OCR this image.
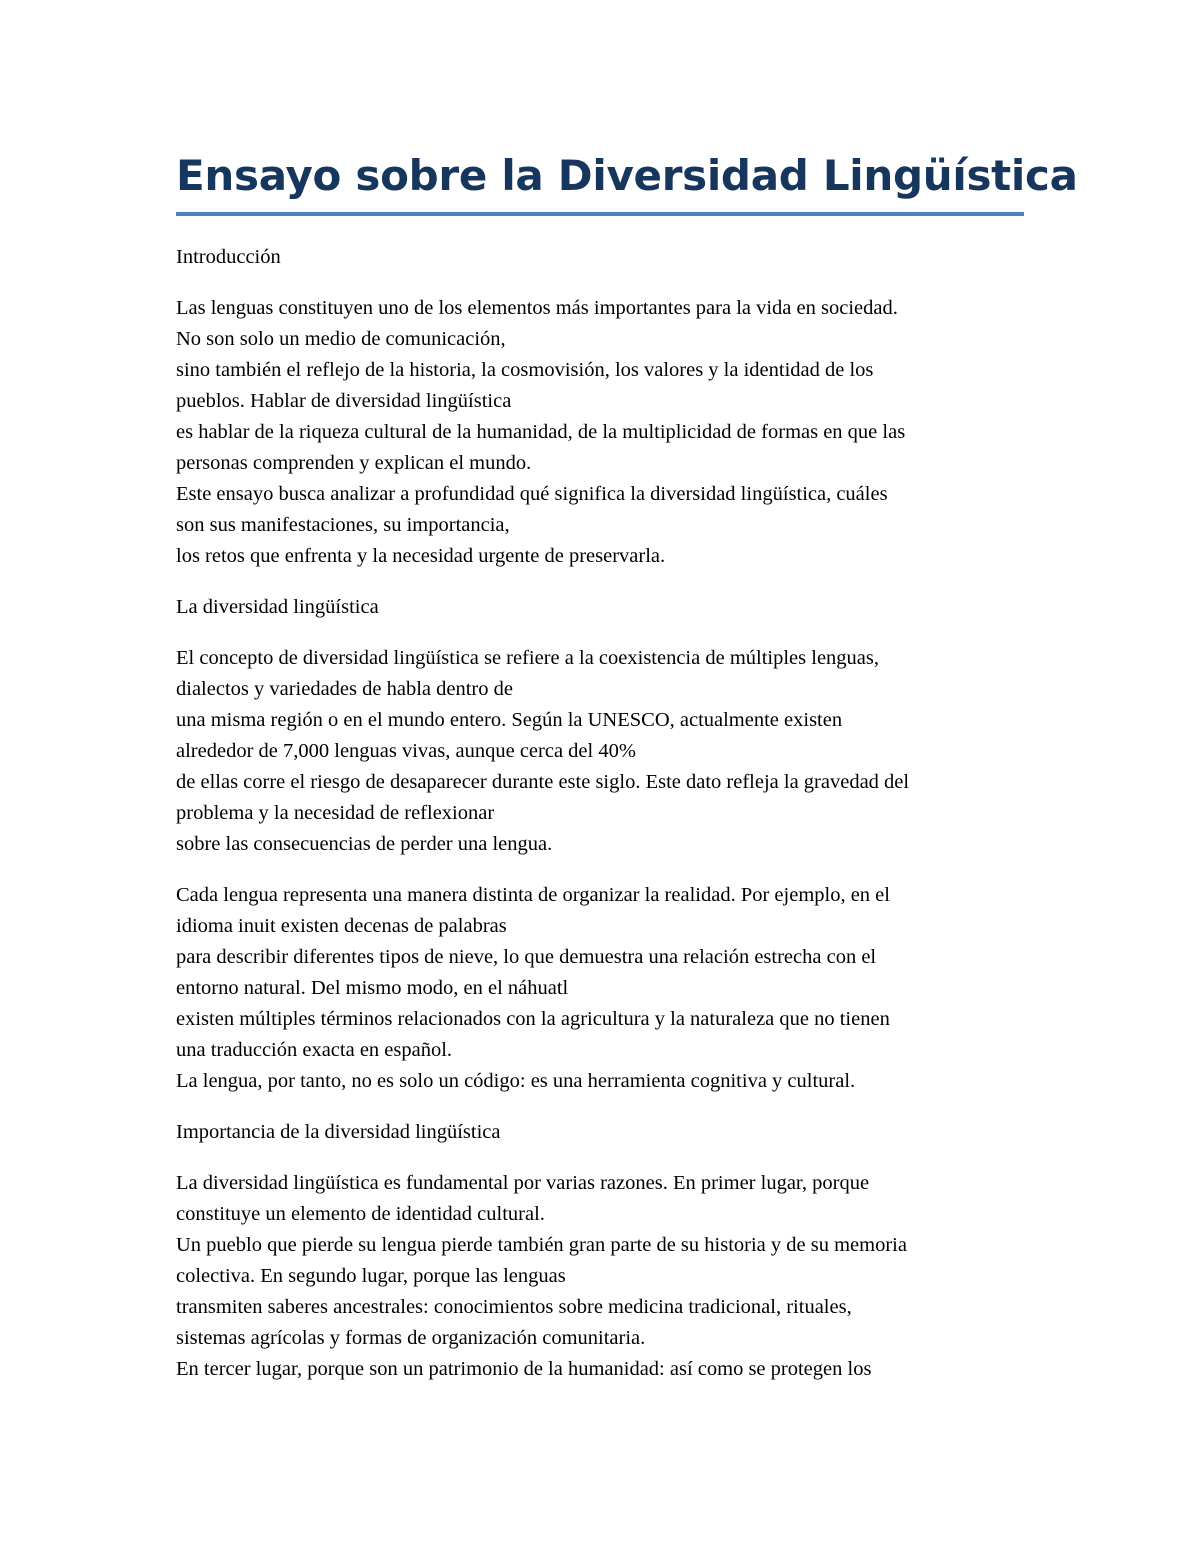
Ensayo sobre la Diversidad Lingüística
Introducción
Las lenguas constituyen uno de los elementos más importantes para la vida en sociedad.
No son solo un medio de comunicación,
sino también el reflejo de la historia, la cosmovisión, los valores y la identidad de los
pueblos. Hablar de diversidad lingüística
es hablar de la riqueza cultural de la humanidad, de la multiplicidad de formas en que las
personas comprenden y explican el mundo.
Este ensayo busca analizar a profundidad qué significa la diversidad lingüística, cuáles
son sus manifestaciones, su importancia,
los retos que enfrenta y la necesidad urgente de preservarla.
La diversidad lingüística
El concepto de diversidad lingüística se refiere a la coexistencia de múltiples lenguas,
dialectos y variedades de habla dentro de
una misma región o en el mundo entero. Según la UNESCO, actualmente existen
alrededor de 7,000 lenguas vivas, aunque cerca del 40%
de ellas corre el riesgo de desaparecer durante este siglo. Este dato refleja la gravedad del
problema y la necesidad de reflexionar
sobre las consecuencias de perder una lengua.
Cada lengua representa una manera distinta de organizar la realidad. Por ejemplo, en el
idioma inuit existen decenas de palabras
para describir diferentes tipos de nieve, lo que demuestra una relación estrecha con el
entorno natural. Del mismo modo, en el náhuatl
existen múltiples términos relacionados con la agricultura y la naturaleza que no tienen
una traducción exacta en español.
La lengua, por tanto, no es solo un código: es una herramienta cognitiva y cultural.
Importancia de la diversidad lingüística
La diversidad lingüística es fundamental por varias razones. En primer lugar, porque
constituye un elemento de identidad cultural.
Un pueblo que pierde su lengua pierde también gran parte de su historia y de su memoria
colectiva. En segundo lugar, porque las lenguas
transmiten saberes ancestrales: conocimientos sobre medicina tradicional, rituales,
sistemas agrícolas y formas de organización comunitaria.
En tercer lugar, porque son un patrimonio de la humanidad: así como se protegen los
